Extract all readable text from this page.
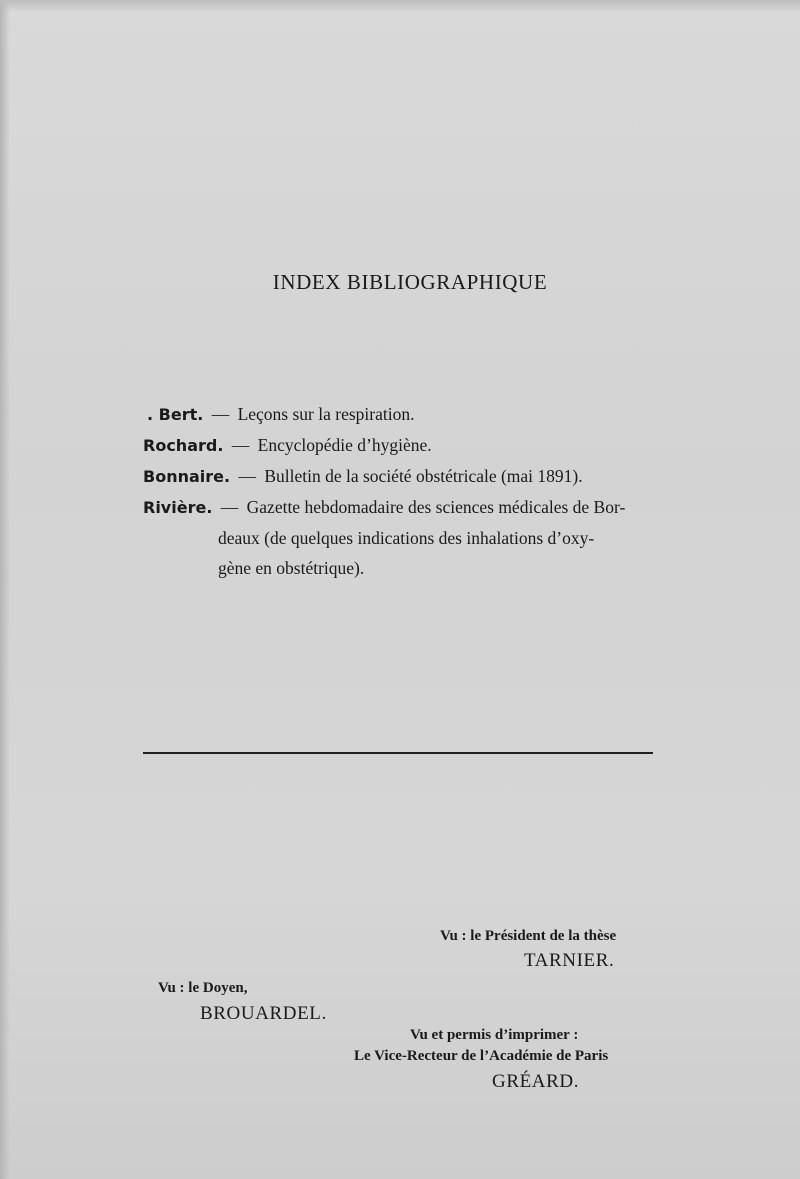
INDEX BIBLIOGRAPHIQUE
. Bert. — Leçons sur la respiration.
Rochard. — Encyclopédie d’hygiène.
Bonnaire. — Bulletin de la société obstétricale (mai 1891).
Rivière. — Gazette hebdomadaire des sciences médicales de Bor-
deaux (de quelques indications des inhalations d’oxy-
gène en obstétrique).
Vu : le Président de la thèse
TARNIER.
Vu : le Doyen,
BROUARDEL.
Vu et permis d’imprimer :
Le Vice-Recteur de l’Académie de Paris
GRÉARD.
